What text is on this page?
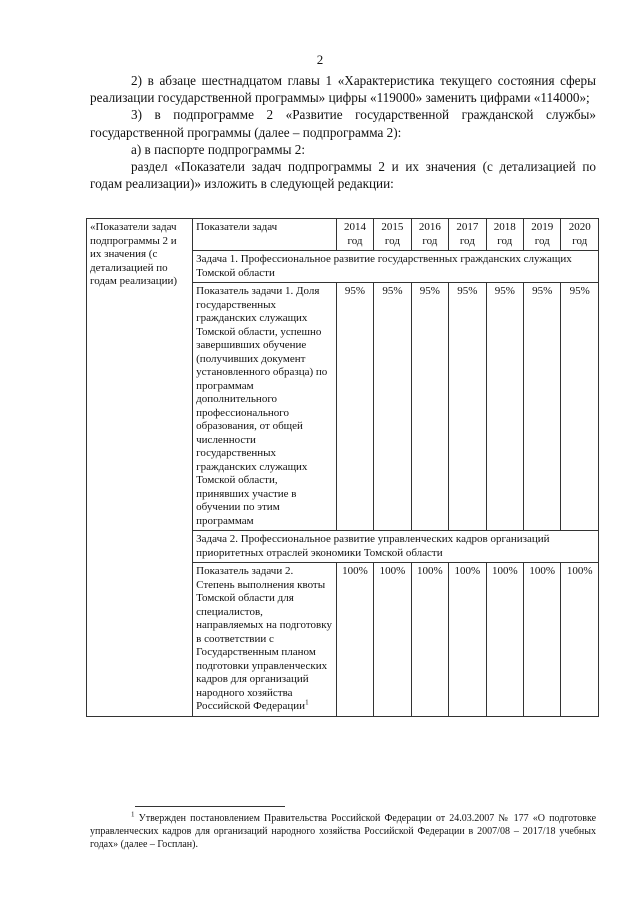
2

2) в абзаце шестнадцатом главы 1 «Характеристика текущего состояния сферы реализации государственной программы» цифры «119000» заменить цифрами «114000»;

3) в подпрограмме 2 «Развитие государственной гражданской службы» государственной программы (далее – подпрограмма 2):

а) в паспорте подпрограммы 2:

раздел «Показатели задач подпрограммы 2 и их значения (с детализацией по годам реализации)» изложить в следующей редакции:

«Показатели задач подпрограммы 2 и их значения (с детализацией по годам реализации)	Показатели задач	2014 год	2015 год	2016 год	2017 год	2018 год	2019 год	2020 год
	Задача 1. Профессиональное развитие государственных гражданских служащих Томской области							
	Показатель задачи 1. Доля государственных гражданских служащих Томской области, успешно завершивших обучение (получивших документ установленного образца) по программам дополнительного профессионального образования, от общей численности государственных гражданских служащих Томской области, принявших участие в обучении по этим программам	95%	95%	95%	95%	95%	95%	95%
	Задача 2. Профессиональное развитие управленческих кадров организаций приоритетных отраслей экономики Томской области							
	Показатель задачи 2. Степень выполнения квоты Томской области для специалистов, направляемых на подготовку в соответствии с Государственным планом подготовки управленческих кадров для организаций народного хозяйства Российской Федерации$^1$	100%	100%	100%	100%	100%	100%	100%

$^1$ Утвержден постановлением Правительства Российской Федерации от 24.03.2007 № 177 «О подготовке управленческих кадров для организаций народного хозяйства Российской Федерации в 2007/08 – 2017/18 учебных годах» (далее – Госплан).
